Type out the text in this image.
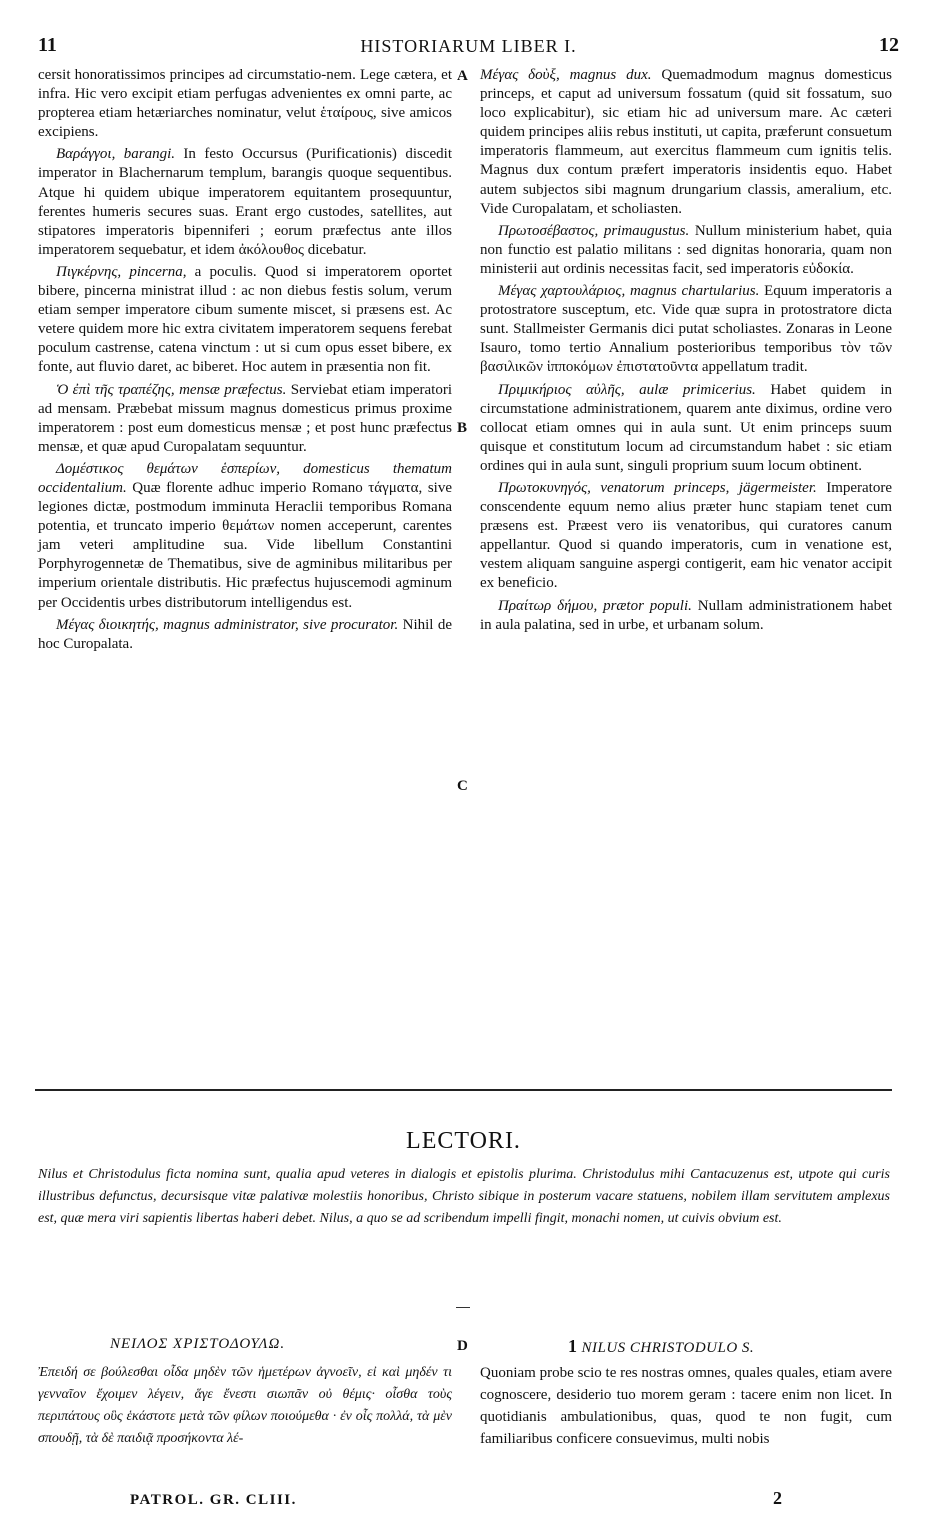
11	HISTORIARUM LIBER I.	12

cersit honoratissimos principes ad circumstatio-nem. Lege cætera, et infra. Hic vero excipit etiam perfugas advenientes ex omni parte, ac propterea etiam hetæriarches nominatur, velut ἑταίρους, sive amicos excipiens.

Βαράγγοι, barangi. In festo Occursus (Purificationis) discedit imperator in Blachernarum templum, barangis quoque sequentibus. Atque hi quidem ubique imperatorem equitantem prosequuntur, ferentes humeris secures suas. Erant ergo custodes, satellites, aut stipatores imperatoris bipenniferi ; eorum præfectus ante illos imperatorem sequebatur, et idem ἀκόλουθος dicebatur.

Πιγκέρνης, pincerna, a poculis. Quod si imperatorem oportet bibere, pincerna ministrat illud : ac non diebus festis solum, verum etiam semper imperatore cibum sumente miscet, si præsens est. Ac vetere quidem more hic extra civitatem imperatorem sequens ferebat poculum castrense, catena vinctum : ut si cum opus esset bibere, ex fonte, aut fluvio daret, ac biberet. Hoc autem in præsentia non fit.

Ὁ ἐπὶ τῆς τραπέζης, mensæ præfectus. Serviebat etiam imperatori ad mensam. Præbebat missum magnus domesticus primus proxime imperatorem : post eum domesticus mensæ ; et post hunc præfectus mensæ, et quæ apud Curopalatam sequuntur.

Δομέστικος θεμάτων ἑσπερίων, domesticus thematum occidentalium. Quæ florente adhuc imperio Romano τάγματα, sive legiones dictæ, postmodum imminuta Heraclii temporibus Romana potentia, et truncato imperio θεμάτων nomen acceperunt, carentes jam veteri amplitudine sua. Vide libellum Constantini Porphyrogennetæ de Thematibus, sive de agminibus militaribus per imperium orientale distributis. Hic præfectus hujuscemodi agminum per Occidentis urbes distributorum intelligendus est.

Μέγας διοικητής, magnus administrator, sive procurator. Nihil de hoc Curopalata.

Μέγας δοὺξ, magnus dux. Quemadmodum magnus domesticus princeps, et caput ad universum fossatum (quid sit fossatum, suo loco explicabitur), sic etiam hic ad universum mare. Ac cæteri quidem principes aliis rebus instituti, ut capita, præferunt consuetum imperatoris flammeum, aut exercitus flammeum cum ignitis telis. Magnus dux contum præfert imperatoris insidentis equo. Habet autem subjectos sibi magnum drungarium classis, ameralium, etc. Vide Curopalatam, et scholiasten.

Πρωτοσέβαστος, primaugustus. Nullum ministerium habet, quia non functio est palatio militans : sed dignitas honoraria, quam non ministerii aut ordinis necessitas facit, sed imperatoris εὐδοκία.

Μέγας χαρτουλάριος, magnus chartularius. Equum imperatoris a protostratore susceptum, etc. Vide quæ supra in protostratore dicta sunt. Stallmeister Germanis dici putat scholiastes. Zonaras in Leone Isauro, tomo tertio Annalium posterioribus temporibus τὸν τῶν βασιλικῶν ἱπποκόμων ἐπιστατοῦντα appellatum tradit.

Πριμικήριος αὐλῆς, aulæ primicerius. Habet quidem in circumstatione administrationem, quarem ante diximus, ordine vero collocat etiam omnes qui in aula sunt. Ut enim princeps suum quisque et constitutum locum ad circumstandum habet : sic etiam ordines qui in aula sunt, singuli proprium suum locum obtinent.

Πρωτοκυνηγός, venatorum princeps, jägermeister. Imperatore conscendente equum nemo alius præter hunc stapiam tenet cum præsens est. Præest vero iis venatoribus, qui curatores canum appellantur. Quod si quando imperatoris, cum in venatione est, vestem aliquam sanguine aspergi contigerit, eam hic venator accipit ex beneficio.

Πραίτωρ δήμου, prætor populi. Nullam administrationem habet in aula palatina, sed in urbe, et urbanam solum.

A
B
C
D
LECTORI.
Nilus et Christodulus ficta nomina sunt, qualia apud veteres in dialogis et epistolis plurima. Christodulus mihi Cantacuzenus est, utpote qui curis illustribus defunctus, decursisque vitæ palativæ molestiis honoribus, Christo sibique in posterum vacare statuens, nobilem illam servitutem amplexus est, quæ mera viri sapientis libertas haberi debet. Nilus, a quo se ad scribendum impelli fingit, monachi nomen, ut cuivis obvium est.
ΝΕΙΛΟΣ ΧΡΙΣΤΟΔΟΥΛΩ.	1 NILUS CHRISTODULO S.
Ἐπειδή σε βούλεσθαι οἶδα μηδὲν τῶν ἡμετέρων ἀγνοεῖν, εἰ καὶ μηδέν τι γενναῖον ἔχοιμεν λέγειν, ἅγε ἔνεστι σιωπᾶν οὐ θέμις· οἶσθα τοὺς περιπάτους οὓς ἑκάστοτε μετὰ τῶν φίλων ποιούμεθα · ἐν οἷς πολλά, τὰ μὲν σπουδῇ, τὰ δὲ παιδιᾷ προσήκοντα λέ-
Quoniam probe scio te res nostras omnes, quales quales, etiam avere cognoscere, desiderio tuo morem geram : tacere enim non licet. In quotidianis ambulationibus, quas, quod te non fugit, cum familiaribus conficere consuevimus, multi nobis
PATROL. GR. CLIII.	2
